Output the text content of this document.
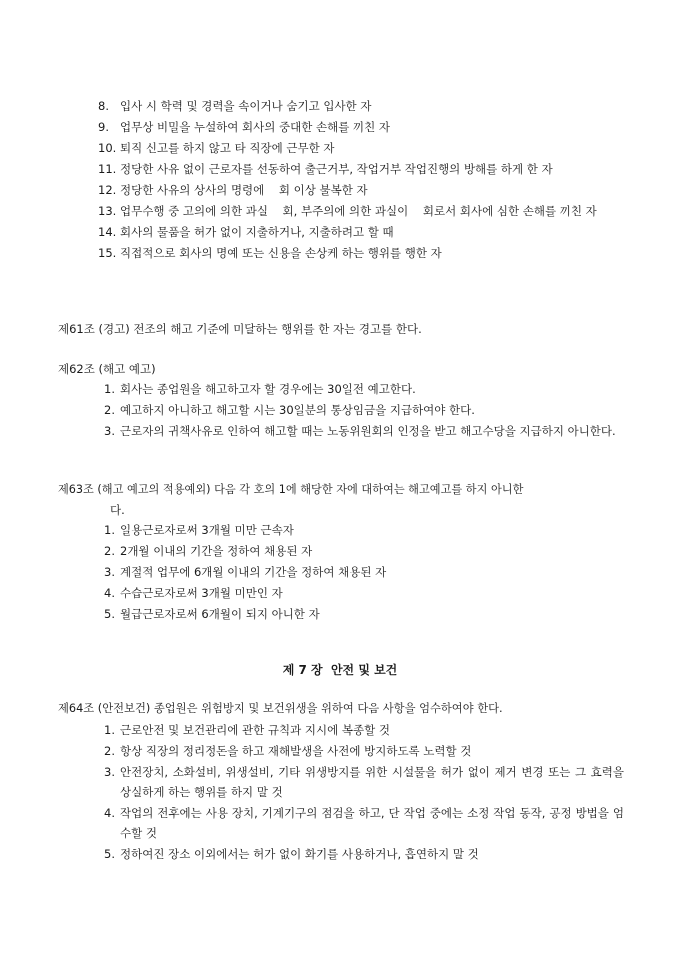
8. 입사 시 학력 및 경력을 속이거나 숨기고 입사한 자
9. 업무상 비밀을 누설하여 회사의 중대한 손해를 끼친 자
10. 퇴직 신고를 하지 않고 타 직장에 근무한 자
11. 정당한 사유 없이 근로자를 선동하여 출근거부, 작업거부 작업진행의 방해를 하게 한 자
12. 정당한 사유의 상사의 명령에    회 이상 불복한 자
13. 업무수행 중 고의에 의한 과실    회, 부주의에 의한 과실이    회로서 회사에 심한 손해를 끼친 자
14. 회사의 물품을 허가 없이 지출하거나, 지출하려고 할 때
15. 직접적으로 회사의 명예 또는 신용을 손상케 하는 행위를 행한 자
제61조 (경고) 전조의 해고 기준에 미달하는 행위를 한 자는 경고를 한다.
제62조 (해고 예고)
1. 회사는 종업원을 해고하고자 할 경우에는 30일전 예고한다.
2. 예고하지 아니하고 해고할 시는 30일분의 통상임금을 지급하여야 한다.
3. 근로자의 귀책사유로 인하여 해고할 때는 노동위원회의 인정을 받고 해고수당을 지급하지 아니한다.
제63조 (해고 예고의 적용예외) 다음 각 호의 1에 해당한 자에 대하여는 해고예고를 하지 아니한
다.
1. 일용근로자로써 3개월 미만 근속자
2. 2개월 이내의 기간을 정하여 채용된 자
3. 계절적 업무에 6개월 이내의 기간을 정하여 채용된 자
4. 수습근로자로써 3개월 미만인 자
5. 월급근로자로써 6개월이 되지 아니한 자
제 7 장  안전 및 보건
제64조 (안전보건) 종업원은 위험방지 및 보건위생을 위하여 다음 사항을 엄수하여야 한다.
1. 근로안전 및 보건관리에 관한 규칙과 지시에 복종할 것
2. 항상 직장의 정리정돈을 하고 재해발생을 사전에 방지하도록 노력할 것
3. 안전장치, 소화설비, 위생설비, 기타 위생방지를 위한 시설물을 허가 없이 제거 변경 또는 그 효력을 상실하게 하는 행위를 하지 말 것
4. 작업의 전후에는 사용 장치, 기계기구의 점검을 하고, 단 작업 중에는 소정 작업 동작, 공정 방법을 엄수할 것
5. 정하여진 장소 이외에서는 허가 없이 화기를 사용하거나, 흡연하지 말 것
